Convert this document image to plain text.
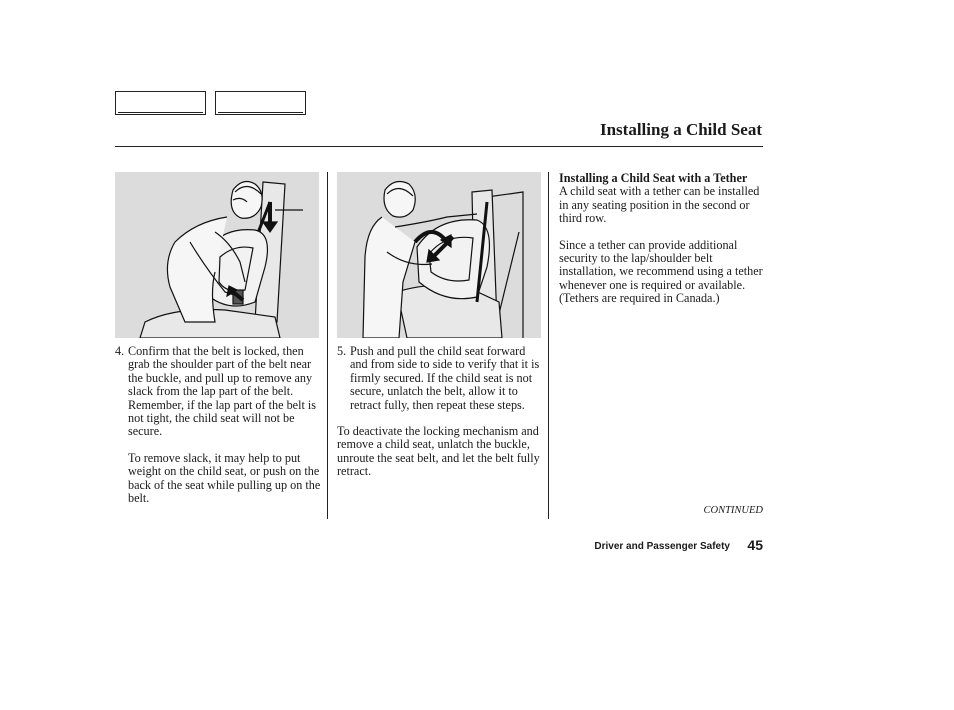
Installing a Child Seat
4. Confirm that the belt is locked, then grab the shoulder part of the belt near the buckle, and pull up to remove any slack from the lap part of the belt. Remember, if the lap part of the belt is not tight, the child seat will not be secure.
To remove slack, it may help to put weight on the child seat, or push on the back of the seat while pulling up on the belt.
5. Push and pull the child seat forward and from side to side to verify that it is firmly secured. If the child seat is not secure, unlatch the belt, allow it to retract fully, then repeat these steps.
To deactivate the locking mechanism and remove a child seat, unlatch the buckle, unroute the seat belt, and let the belt fully retract.
Installing a Child Seat with a Tether
A child seat with a tether can be installed in any seating position in the second or third row.
Since a tether can provide additional security to the lap/shoulder belt installation, we recommend using a tether whenever one is required or available. (Tethers are required in Canada.)
CONTINUED
Driver and Passenger Safety 45
